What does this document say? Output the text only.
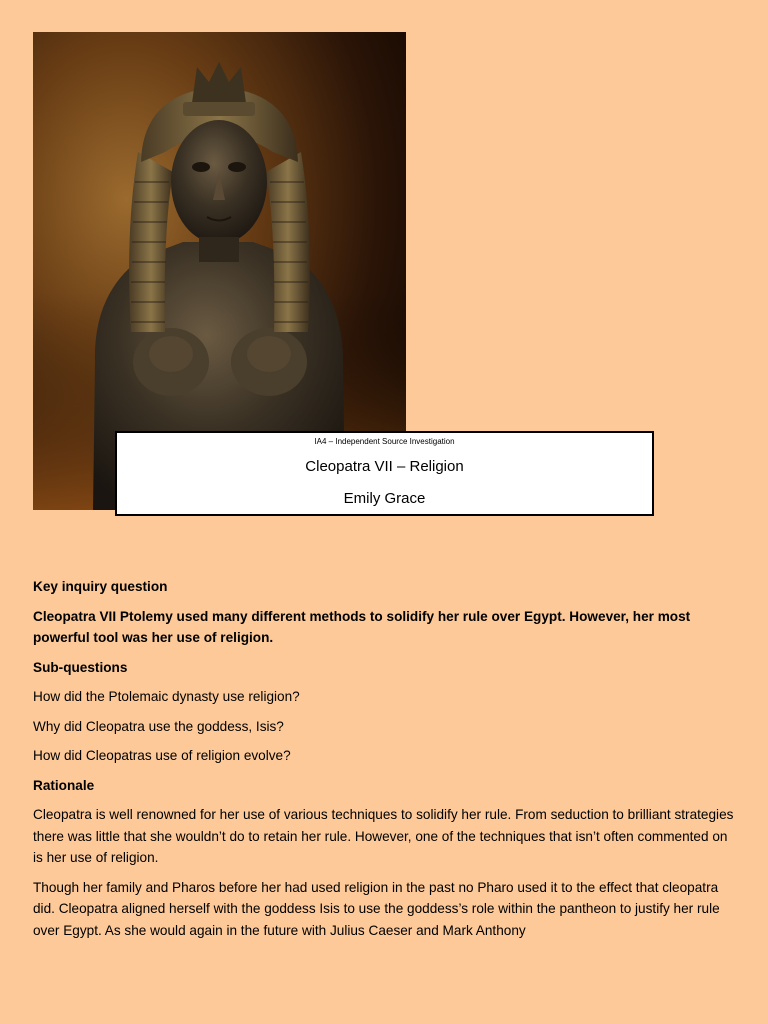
IA4 – Independent Source Investigation
Cleopatra VII – Religion
Emily Grace

Key inquiry question

Cleopatra VII Ptolemy used many different methods to solidify her rule over Egypt. However, her most powerful tool was her use of religion.

Sub-questions

How did the Ptolemaic dynasty use religion?

Why did Cleopatra use the goddess, Isis?

How did Cleopatras use of religion evolve?

Rationale

Cleopatra is well renowned for her use of various techniques to solidify her rule. From seduction to brilliant strategies there was little that she wouldn’t do to retain her rule. However, one of the techniques that isn’t often commented on is her use of religion.

Though her family and Pharos before her had used religion in the past no Pharo used it to the effect that cleopatra did. Cleopatra aligned herself with the goddess Isis to use the goddess’s role within the pantheon to justify her rule over Egypt. As she would again in the future with Julius Caeser and Mark Anthony
